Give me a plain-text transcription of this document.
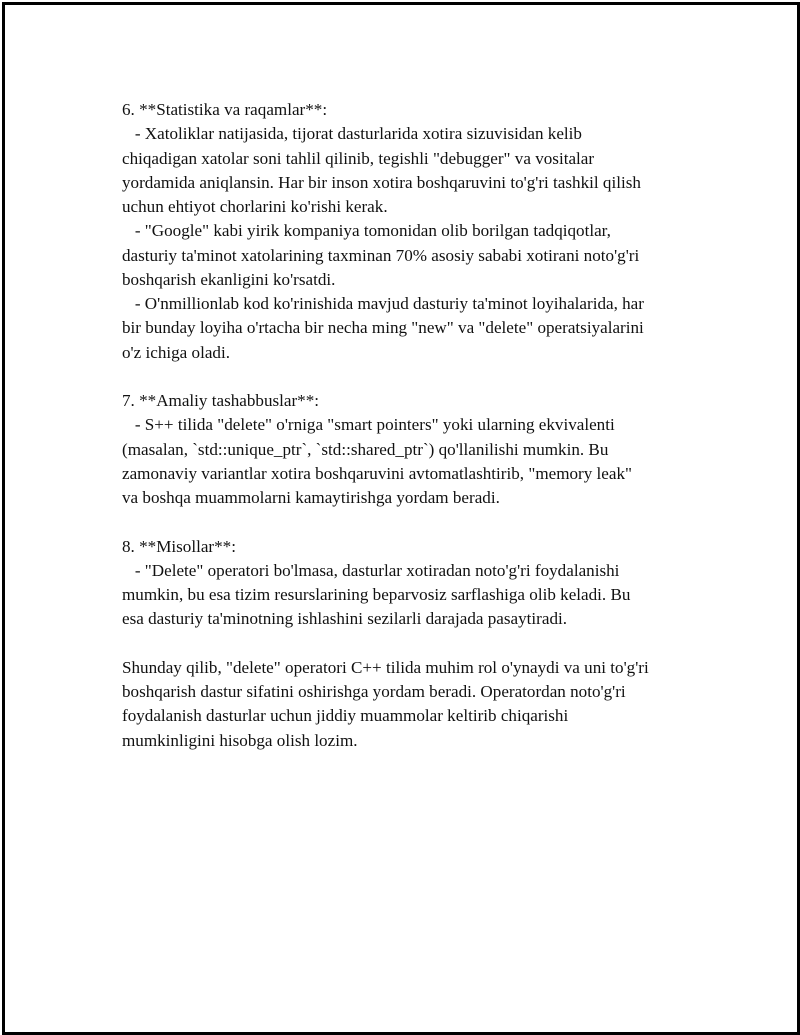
6. **Statistika va raqamlar**:
- Xatoliklar natijasida, tijorat dasturlarida xotira sizuvisidan kelib
chiqadigan xatolar soni tahlil qilinib, tegishli "debugger" va vositalar
yordamida aniqlansin. Har bir inson xotira boshqaruvini to'g'ri tashkil qilish
uchun ehtiyot chorlarini ko'rishi kerak.
- "Google" kabi yirik kompaniya tomonidan olib borilgan tadqiqotlar,
dasturiy ta'minot xatolarining taxminan 70% asosiy sababi xotirani noto'g'ri
boshqarish ekanligini ko'rsatdi.
- O'nmillionlab kod ko'rinishida mavjud dasturiy ta'minot loyihalarida, har
bir bunday loyiha o'rtacha bir necha ming "new" va "delete" operatsiyalarini
o'z ichiga oladi.
7. **Amaliy tashabbuslar**:
- S++ tilida "delete" o'rniga "smart pointers" yoki ularning ekvivalenti
(masalan, `std::unique_ptr`, `std::shared_ptr`) qo'llanilishi mumkin. Bu
zamonaviy variantlar xotira boshqaruvini avtomatlashtirib, "memory leak"
va boshqa muammolarni kamaytirishga yordam beradi.
8. **Misollar**:
- "Delete" operatori bo'lmasa, dasturlar xotiradan noto'g'ri foydalanishi
mumkin, bu esa tizim resurslarining beparvosiz sarflashiga olib keladi. Bu
esa dasturiy ta'minotning ishlashini sezilarli darajada pasaytiradi.
Shunday qilib, "delete" operatori C++ tilida muhim rol o'ynaydi va uni to'g'ri
boshqarish dastur sifatini oshirishga yordam beradi. Operatordan noto'g'ri
foydalanish dasturlar uchun jiddiy muammolar keltirib chiqarishi
mumkinligini hisobga olish lozim.
